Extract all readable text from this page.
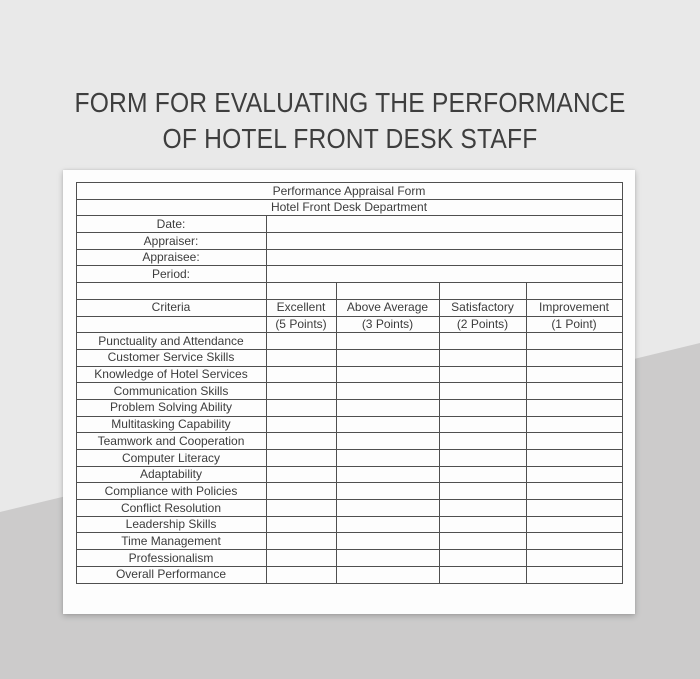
FORM FOR EVALUATING THE PERFORMANCE
OF HOTEL FRONT DESK STAFF
Performance Appraisal Form				
Hotel Front Desk Department				
Date:				
Appraiser:				
Appraisee:				
Period:				

Criteria	Excellent	Above Average	Satisfactory	Improvement
	(5 Points)	(3 Points)	(2 Points)	(1 Point)
Punctuality and Attendance				
Customer Service Skills				
Knowledge of Hotel Services				
Communication Skills				
Problem Solving Ability				
Multitasking Capability				
Teamwork and Cooperation				
Computer Literacy				
Adaptability				
Compliance with Policies				
Conflict Resolution				
Leadership Skills				
Time Management				
Professionalism				
Overall Performance				
